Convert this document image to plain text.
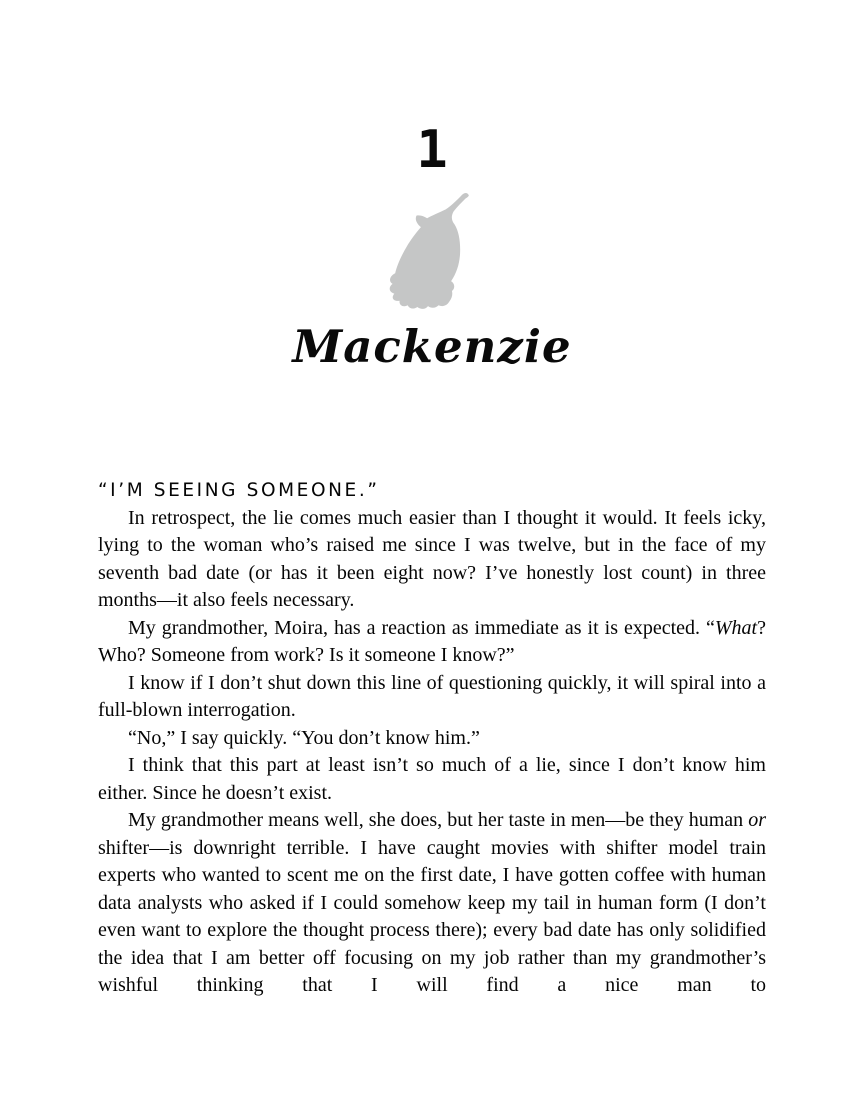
1
Mackenzie

“I’M SEEING SOMEONE.”

In retrospect, the lie comes much easier than I thought it would. It feels icky, lying to the woman who’s raised me since I was twelve, but in the face of my seventh bad date (or has it been eight now? I’ve honestly lost count) in three months—it also feels necessary.

My grandmother, Moira, has a reaction as immediate as it is expected. “What? Who? Someone from work? Is it someone I know?”

I know if I don’t shut down this line of questioning quickly, it will spiral into a full-blown interrogation.

“No,” I say quickly. “You don’t know him.”

I think that this part at least isn’t so much of a lie, since I don’t know him either. Since he doesn’t exist.

My grandmother means well, she does, but her taste in men—be they human or shifter—is downright terrible. I have caught movies with shifter model train experts who wanted to scent me on the first date, I have gotten coffee with human data analysts who asked if I could somehow keep my tail in human form (I don’t even want to explore the thought process there); every bad date has only solidified the idea that I am better off focusing on my job rather than my grandmother’s wishful thinking that I will find a nice man to
